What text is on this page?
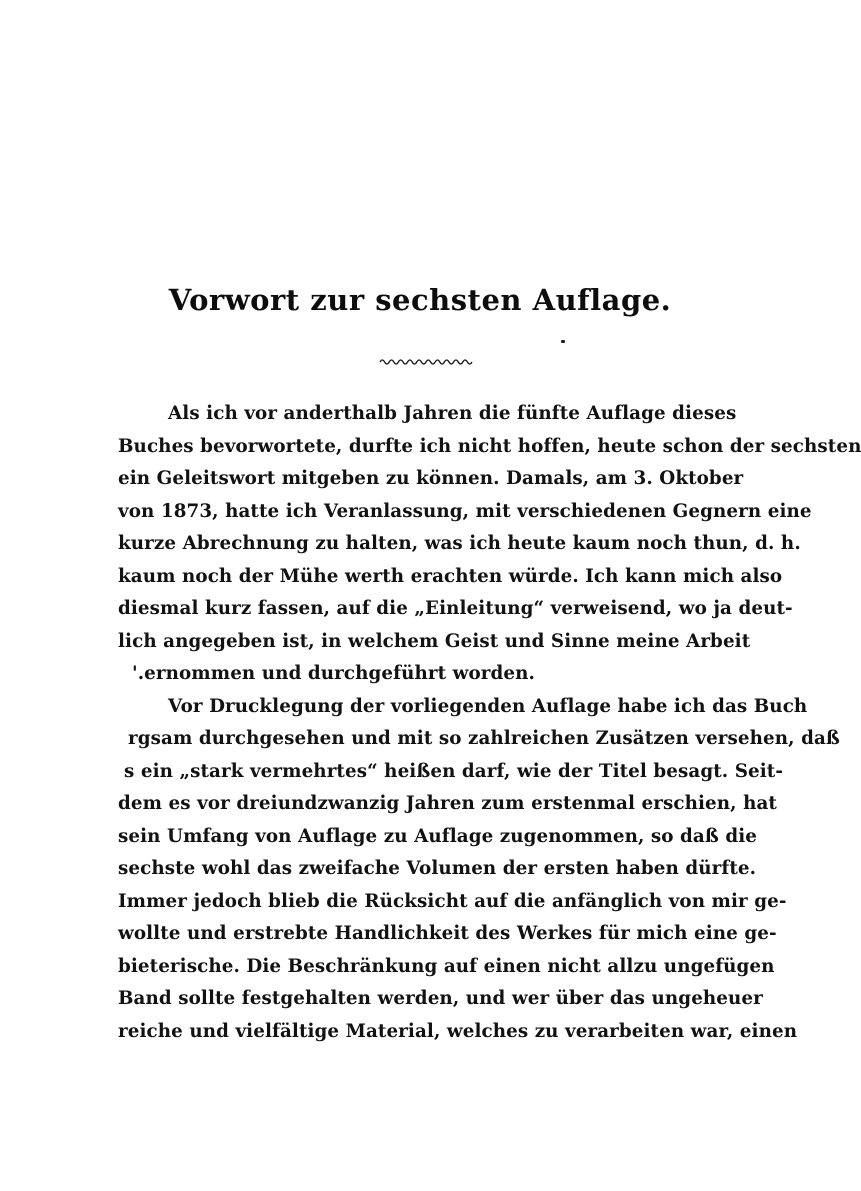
Vorwort zur sechsten Auflage.
Als ich vor anderthalb Jahren die fünfte Auflage dieses
Buches bevorwortete, durfte ich nicht hoffen, heute schon der sechsten
ein Geleitswort mitgeben zu können. Damals, am 3. Oktober
von 1873, hatte ich Veranlassung, mit verschiedenen Gegnern eine
kurze Abrechnung zu halten, was ich heute kaum noch thun, d. h.
kaum noch der Mühe werth erachten würde. Ich kann mich also
diesmal kurz fassen, auf die „Einleitung“ verweisend, wo ja deut-
lich angegeben ist, in welchem Geist und Sinne meine Arbeit
'.ernommen und durchgeführt worden.
Vor Drucklegung der vorliegenden Auflage habe ich das Buch
rgsam durchgesehen und mit so zahlreichen Zusätzen versehen, daß
s ein „stark vermehrtes“ heißen darf, wie der Titel besagt. Seit-
dem es vor dreiundzwanzig Jahren zum erstenmal erschien, hat
sein Umfang von Auflage zu Auflage zugenommen, so daß die
sechste wohl das zweifache Volumen der ersten haben dürfte.
Immer jedoch blieb die Rücksicht auf die anfänglich von mir ge-
wollte und erstrebte Handlichkeit des Werkes für mich eine ge-
bieterische. Die Beschränkung auf einen nicht allzu ungefügen
Band sollte festgehalten werden, und wer über das ungeheuer
reiche und vielfältige Material, welches zu verarbeiten war, einen
